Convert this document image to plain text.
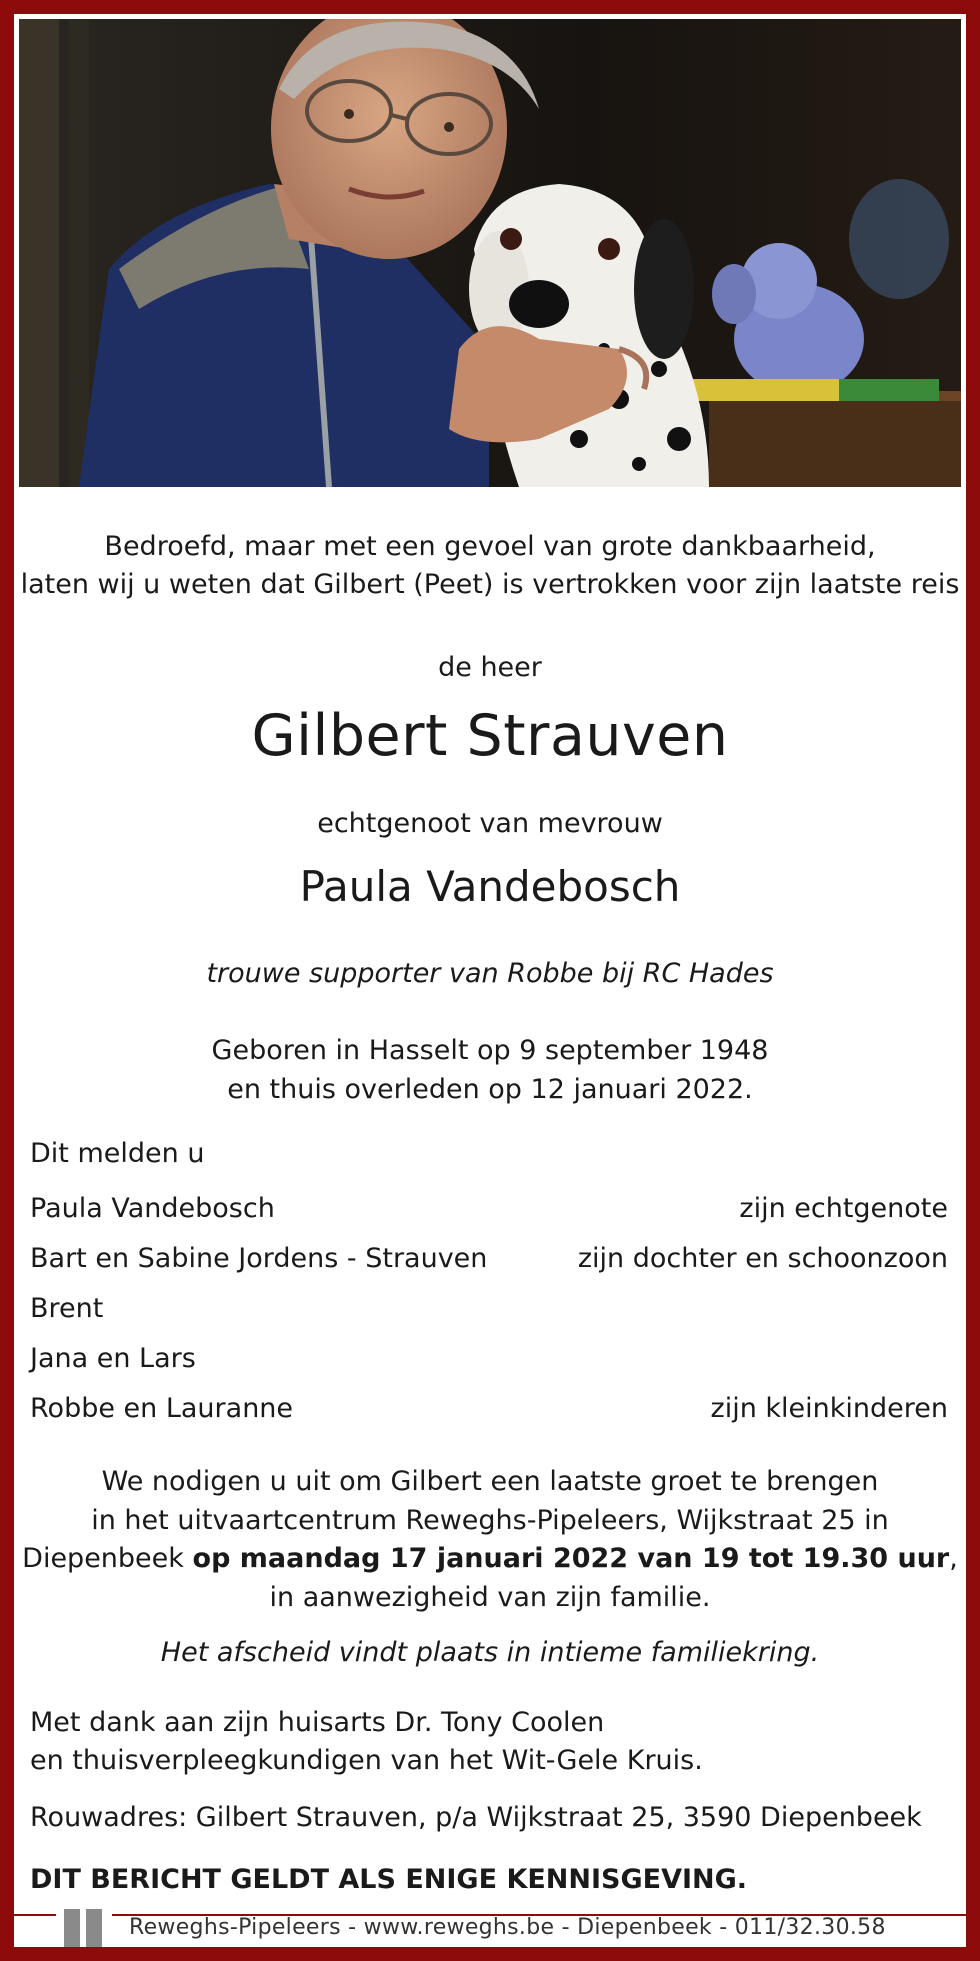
Bedroefd, maar met een gevoel van grote dankbaarheid,
laten wij u weten dat Gilbert (Peet) is vertrokken voor zijn laatste reis
de heer
Gilbert Strauven
echtgenoot van mevrouw
Paula Vandebosch
trouwe supporter van Robbe bij RC Hades
Geboren in Hasselt op 9 september 1948
en thuis overleden op 12 januari 2022.
Dit melden u
Paula Vandebosch	zijn echtgenote
Bart en Sabine Jordens - Strauven	zijn dochter en schoonzoon
Brent
Jana en Lars
Robbe en Lauranne	zijn kleinkinderen
We nodigen u uit om Gilbert een laatste groet te brengen
in het uitvaartcentrum Reweghs-Pipeleers, Wijkstraat 25 in
Diepenbeek op maandag 17 januari 2022 van 19 tot 19.30 uur,
in aanwezigheid van zijn familie.
Het afscheid vindt plaats in intieme familiekring.
Met dank aan zijn huisarts Dr. Tony Coolen
en thuisverpleegkundigen van het Wit-Gele Kruis.
Rouwadres: Gilbert Strauven, p/a Wijkstraat 25, 3590 Diepenbeek
DIT BERICHT GELDT ALS ENIGE KENNISGEVING.
Reweghs-Pipeleers - www.reweghs.be - Diepenbeek - 011/32.30.58
